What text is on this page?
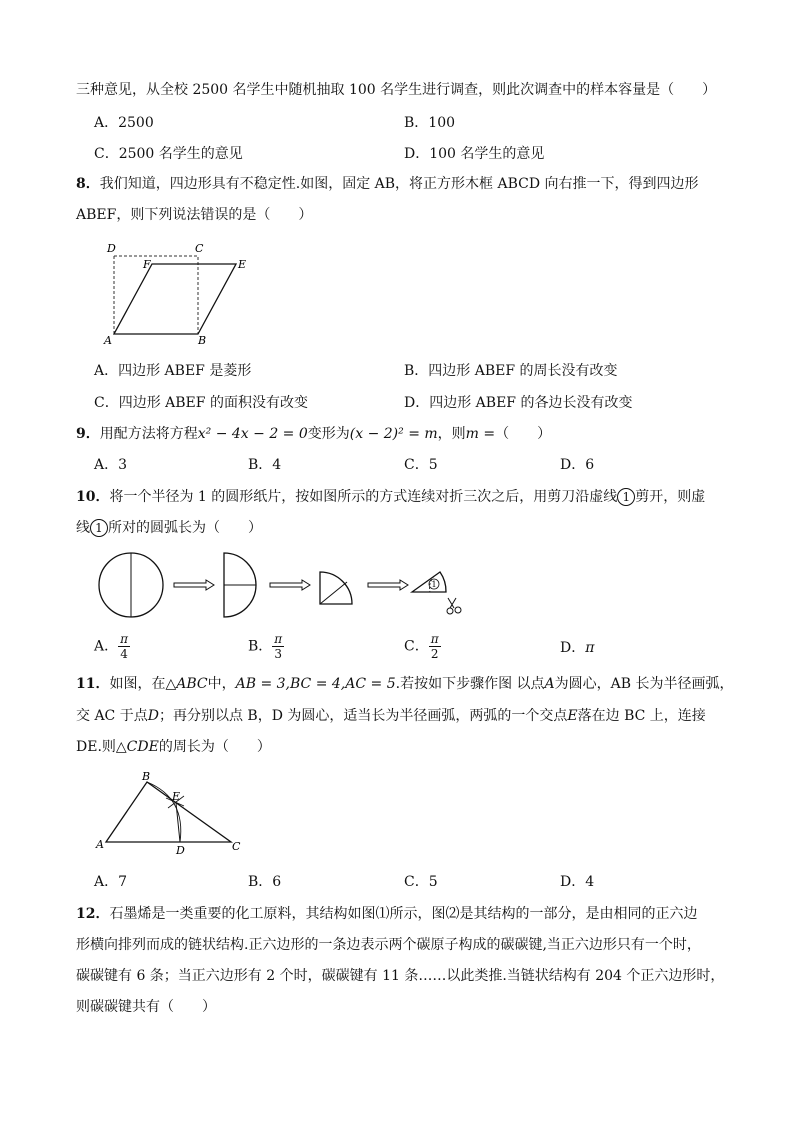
三种意见，从全校 2500 名学生中随机抽取 100 名学生进行调查，则此次调查中的样本容量是（　　）
A．2500	B．100
C．2500 名学生的意见	D．100 名学生的意见
8．我们知道，四边形具有不稳定性.如图，固定 AB，将正方形木框 ABCD 向右推一下，得到四边形
ABEF，则下列说法错误的是（　　）
D	C
F	E
A	B
A．四边形 ABEF 是菱形	B．四边形 ABEF 的周长没有改变
C．四边形 ABEF 的面积没有改变	D．四边形 ABEF 的各边长没有改变
9．用配方法将方程x² − 4x − 2 = 0变形为(x − 2)² = m，则m =（　　）
A．3	B．4	C．5	D．6
10．将一个半径为 1 的圆形纸片，按如图所示的方式连续对折三次之后，用剪刀沿虚线 1 剪开，则虚
线 1 所对的圆弧长为（　　）
1
A． $\frac{\pi}{4}$	B． $\frac{\pi}{3}$	C． $\frac{\pi}{2}$	D．π
11．如图，在△ABC中，AB = 3,BC = 4,AC = 5.若按如下步骤作图 以点A为圆心，AB 长为半径画弧，
交 AC 于点D；再分别以点 B，D 为圆心，适当长为半径画弧，两弧的一个交点E落在边 BC 上，连接
DE.则△CDE的周长为（　　）
B
E
A	D	C
A．7	B．6	C．5	D．4
12．石墨烯是一类重要的化工原料，其结构如图⑴所示，图⑵是其结构的一部分，是由相同的正六边
形横向排列而成的链状结构.正六边形的一条边表示两个碳原子构成的碳碳键,当正六边形只有一个时，
碳碳键有 6 条；当正六边形有 2 个时，碳碳键有 11 条……以此类推.当链状结构有 204 个正六边形时，
则碳碳键共有（　　）
